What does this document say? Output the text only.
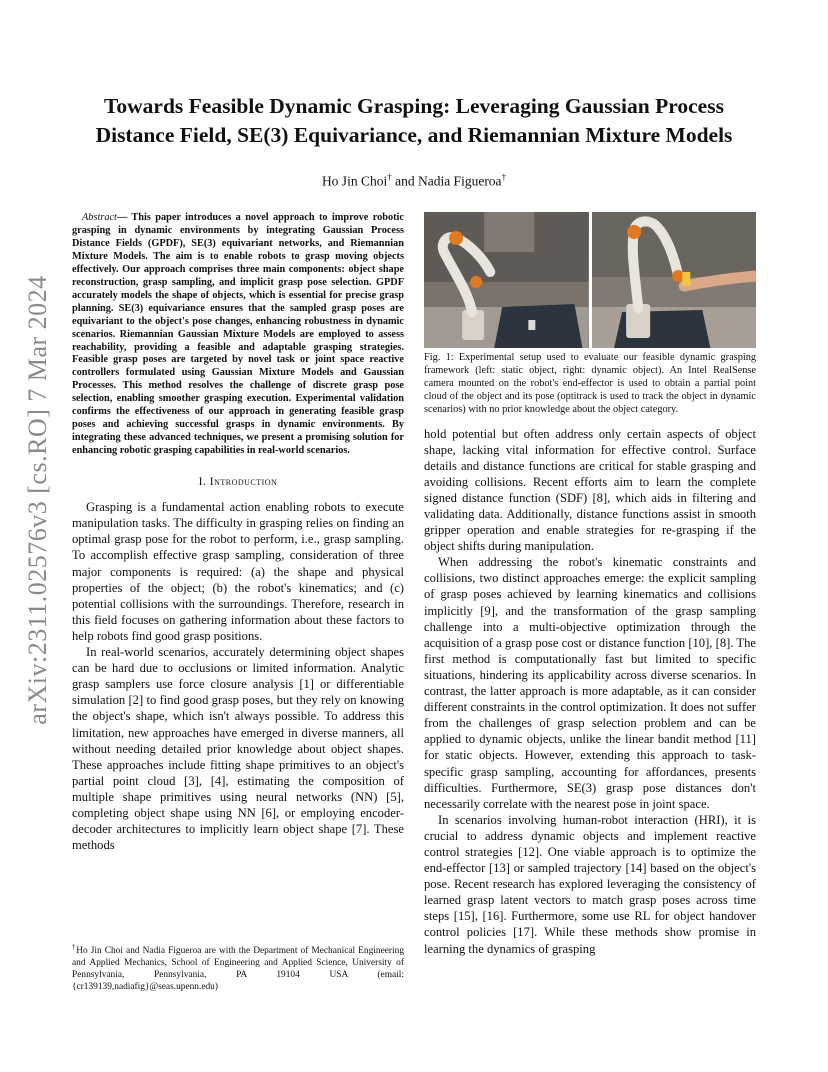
arXiv:2311.02576v3 [cs.RO] 7 Mar 2024
Towards Feasible Dynamic Grasping: Leveraging Gaussian Process
Distance Field, SE(3) Equivariance, and Riemannian Mixture Models
Ho Jin Choi† and Nadia Figueroa†

Abstract— This paper introduces a novel approach to improve robotic grasping in dynamic environments by integrating Gaussian Process Distance Fields (GPDF), SE(3) equivariant networks, and Riemannian Mixture Models. The aim is to enable robots to grasp moving objects effectively. Our approach comprises three main components: object shape reconstruction, grasp sampling, and implicit grasp pose selection. GPDF accurately models the shape of objects, which is essential for precise grasp planning. SE(3) equivariance ensures that the sampled grasp poses are equivariant to the object's pose changes, enhancing robustness in dynamic scenarios. Riemannian Gaussian Mixture Models are employed to assess reachability, providing a feasible and adaptable grasping strategies. Feasible grasp poses are targeted by novel task or joint space reactive controllers formulated using Gaussian Mixture Models and Gaussian Processes. This method resolves the challenge of discrete grasp pose selection, enabling smoother grasping execution. Experimental validation confirms the effectiveness of our approach in generating feasible grasp poses and achieving successful grasps in dynamic environments. By integrating these advanced techniques, we present a promising solution for enhancing robotic grasping capabilities in real-world scenarios.

I. Introduction

Grasping is a fundamental action enabling robots to execute manipulation tasks. The difficulty in grasping relies on finding an optimal grasp pose for the robot to perform, i.e., grasp sampling. To accomplish effective grasp sampling, consideration of three major components is required: (a) the shape and physical properties of the object; (b) the robot's kinematics; and (c) potential collisions with the surroundings. Therefore, research in this field focuses on gathering information about these factors to help robots find good grasp positions.

In real-world scenarios, accurately determining object shapes can be hard due to occlusions or limited information. Analytic grasp samplers use force closure analysis [1] or differentiable simulation [2] to find good grasp poses, but they rely on knowing the object's shape, which isn't always possible. To address this limitation, new approaches have emerged in diverse manners, all without needing detailed prior knowledge about object shapes. These approaches include fitting shape primitives to an object's partial point cloud [3], [4], estimating the composition of multiple shape primitives using neural networks (NN) [5], completing object shape using NN [6], or employing encoder-decoder architectures to implicitly learn object shape [7]. These methods

†Ho Jin Choi and Nadia Figueroa are with the Department of Mechanical Engineering and Applied Mechanics, School of Engineering and Applied Science, University of Pennsylvania, Pennsylvania, PA 19104 USA (email: {cr139139,nadiafig}@seas.upenn.edu)

Fig. 1: Experimental setup used to evaluate our feasible dynamic grasping framework (left: static object, right: dynamic object). An Intel RealSense camera mounted on the robot's end-effector is used to obtain a partial point cloud of the object and its pose (optitrack is used to track the object in dynamic scenarios) with no prior knowledge about the object category.

hold potential but often address only certain aspects of object shape, lacking vital information for effective control. Surface details and distance functions are critical for stable grasping and avoiding collisions. Recent efforts aim to learn the complete signed distance function (SDF) [8], which aids in filtering and validating data. Additionally, distance functions assist in smooth gripper operation and enable strategies for re-grasping if the object shifts during manipulation.

When addressing the robot's kinematic constraints and collisions, two distinct approaches emerge: the explicit sampling of grasp poses achieved by learning kinematics and collisions implicitly [9], and the transformation of the grasp sampling challenge into a multi-objective optimization through the acquisition of a grasp pose cost or distance function [10], [8]. The first method is computationally fast but limited to specific situations, hindering its applicability across diverse scenarios. In contrast, the latter approach is more adaptable, as it can consider different constraints in the control optimization. It does not suffer from the challenges of grasp selection problem and can be applied to dynamic objects, unlike the linear bandit method [11] for static objects. However, extending this approach to task-specific grasp sampling, accounting for affordances, presents difficulties. Furthermore, SE(3) grasp pose distances don't necessarily correlate with the nearest pose in joint space.

In scenarios involving human-robot interaction (HRI), it is crucial to address dynamic objects and implement reactive control strategies [12]. One viable approach is to optimize the end-effector [13] or sampled trajectory [14] based on the object's pose. Recent research has explored leveraging the consistency of learned grasp latent vectors to match grasp poses across time steps [15], [16]. Furthermore, some use RL for object handover control policies [17]. While these methods show promise in learning the dynamics of grasping
